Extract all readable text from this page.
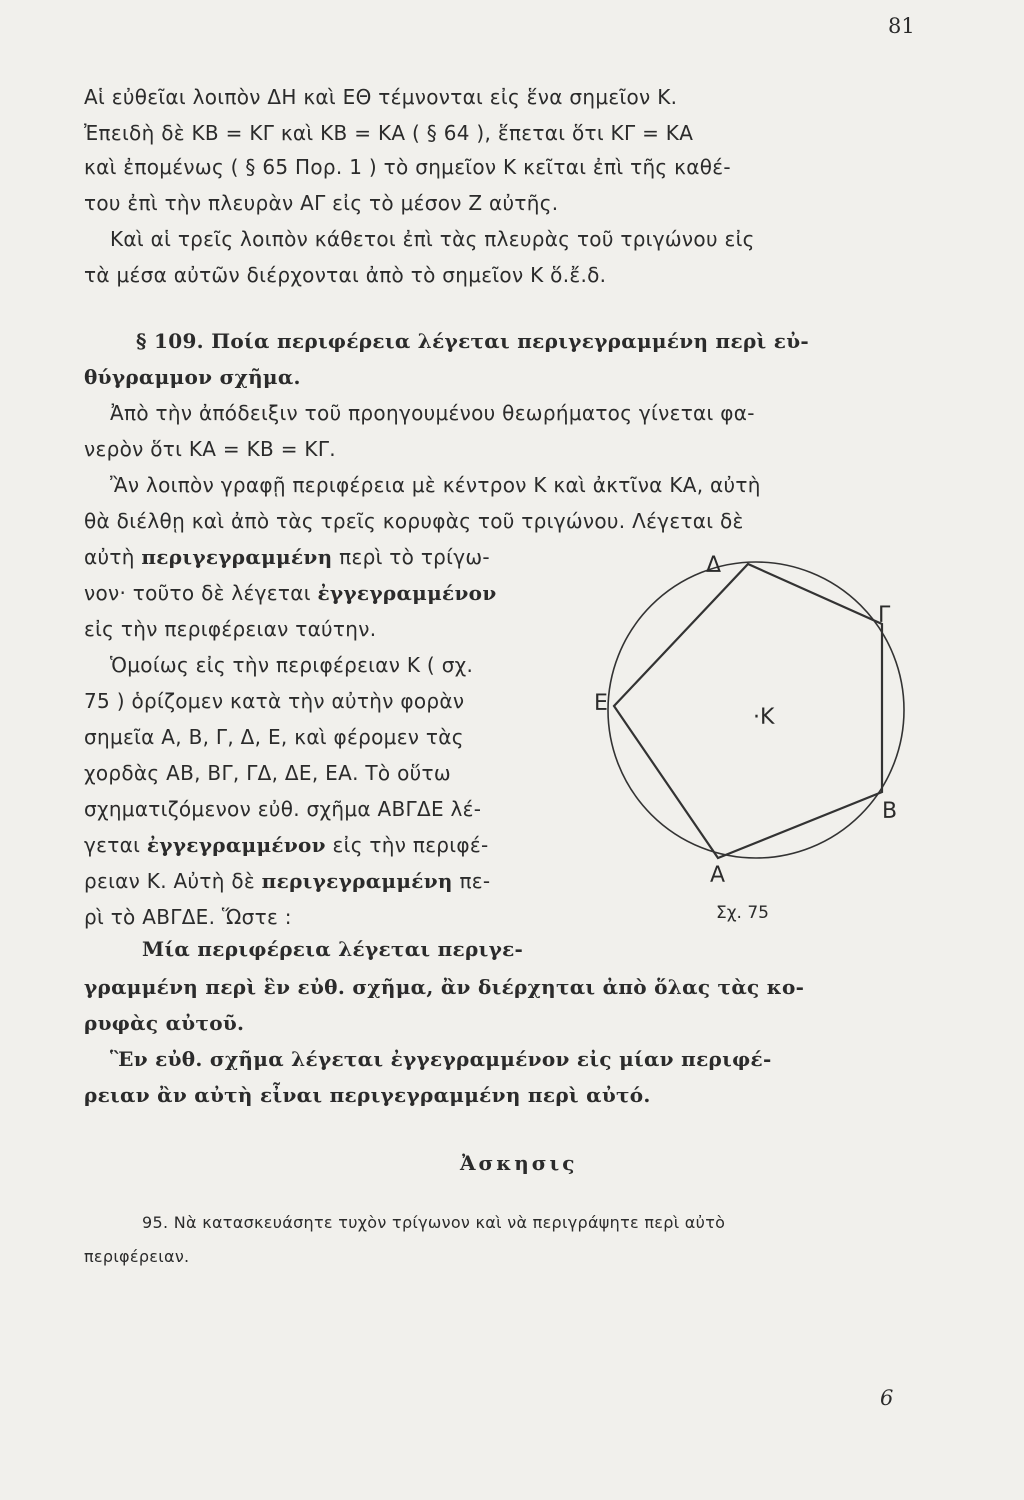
81
Αἱ εὐθεῖαι λοιπὸν ΔΗ καὶ ΕΘ τέμνονται εἰς ἕνα σημεῖον Κ.
Ἐπειδὴ δὲ ΚΒ = ΚΓ καὶ ΚΒ = ΚΑ ( § 64 ), ἕπεται ὅτι ΚΓ = ΚΑ
καὶ ἐπομένως ( § 65 Πορ. 1 ) τὸ σημεῖον Κ κεῖται ἐπὶ τῆς καθέ-
του ἐπὶ τὴν πλευρὰν ΑΓ εἰς τὸ μέσον Ζ αὐτῆς.
Καὶ αἱ τρεῖς λοιπὸν κάθετοι ἐπὶ τὰς πλευρὰς τοῦ τριγώνου εἰς
τὰ μέσα αὐτῶν διέρχονται ἀπὸ τὸ σημεῖον Κ ὅ.ἔ.δ.
§ 109. Ποία περιφέρεια λέγεται περιγεγραμμένη περὶ εὐ-
θύγραμμον σχῆμα.
Ἀπὸ τὴν ἀπόδειξιν τοῦ προηγουμένου θεωρήματος γίνεται φα-
νερὸν ὅτι ΚΑ = ΚΒ = ΚΓ.
Ἂν λοιπὸν γραφῇ περιφέρεια μὲ κέντρον Κ καὶ ἀκτῖνα ΚΑ, αὐτὴ
θὰ διέλθῃ καὶ ἀπὸ τὰς τρεῖς κορυφὰς τοῦ τριγώνου. Λέγεται δὲ
αὐτὴ περιγεγραμμένη περὶ τὸ τρίγω-
νον· τοῦτο δὲ λέγεται ἐγγεγραμμένον
εἰς τὴν περιφέρειαν ταύτην.
Ὁμοίως εἰς τὴν περιφέρειαν Κ ( σχ.
75 ) ὁρίζομεν κατὰ τὴν αὐτὴν φορὰν
σημεῖα Α, Β, Γ, Δ, Ε, καὶ φέρομεν τὰς
χορδὰς ΑΒ, ΒΓ, ΓΔ, ΔΕ, ΕΑ. Τὸ οὕτω
σχηματιζόμενον εὐθ. σχῆμα ΑΒΓΔΕ λέ-
γεται ἐγγεγραμμένον εἰς τὴν περιφέ-
ρειαν Κ. Αὐτὴ δὲ περιγεγραμμένη πε-
ρὶ τὸ ΑΒΓΔΕ. Ὥστε :
Μία περιφέρεια λέγεται περιγε-
γραμμένη περὶ ἓν εὐθ. σχῆμα, ἂν διέρχηται ἀπὸ ὅλας τὰς κο-
ρυφὰς αὐτοῦ.
Ἓν εὐθ. σχῆμα λέγεται ἐγγεγραμμένον εἰς μίαν περιφέ-
ρειαν ἂν αὐτὴ εἶναι περιγεγραμμένη περὶ αὐτό.
Ἀσκησις
95. Νὰ κατασκευάσητε τυχὸν τρίγωνον καὶ νὰ περιγράψητε περὶ αὐτὸ
περιφέρειαν.
6
·Κ
Δ
Γ
Ε
Β
Α
Σχ. 75
